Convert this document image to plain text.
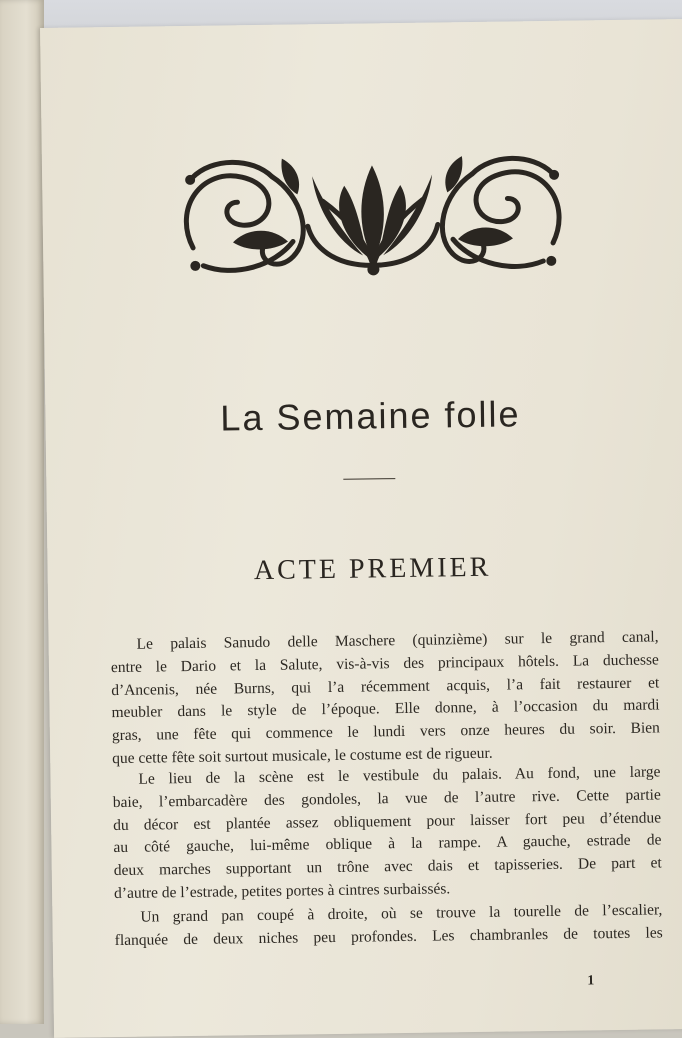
La Semaine folle
ACTE PREMIER

Le palais Sanudo delle Maschere (quinzième) sur le grand canal,
entre le Dario et la Salute, vis-à-vis des principaux hôtels. La duchesse
d’Ancenis, née Burns, qui l’a récemment acquis, l’a fait restaurer et
meubler dans le style de l’époque. Elle donne, à l’occasion du mardi
gras, une fête qui commence le lundi vers onze heures du soir. Bien
que cette fête soit surtout musicale, le costume est de rigueur.

Le lieu de la scène est le vestibule du palais. Au fond, une large
baie, l’embarcadère des gondoles, la vue de l’autre rive. Cette partie
du décor est plantée assez obliquement pour laisser fort peu d’étendue
au côté gauche, lui-même oblique à la rampe. A gauche, estrade de
deux marches supportant un trône avec dais et tapisseries. De part et
d’autre de l’estrade, petites portes à cintres surbaissés.

Un grand pan coupé à droite, où se trouve la tourelle de l’escalier,
flanquée de deux niches peu profondes. Les chambranles de toutes les

1
